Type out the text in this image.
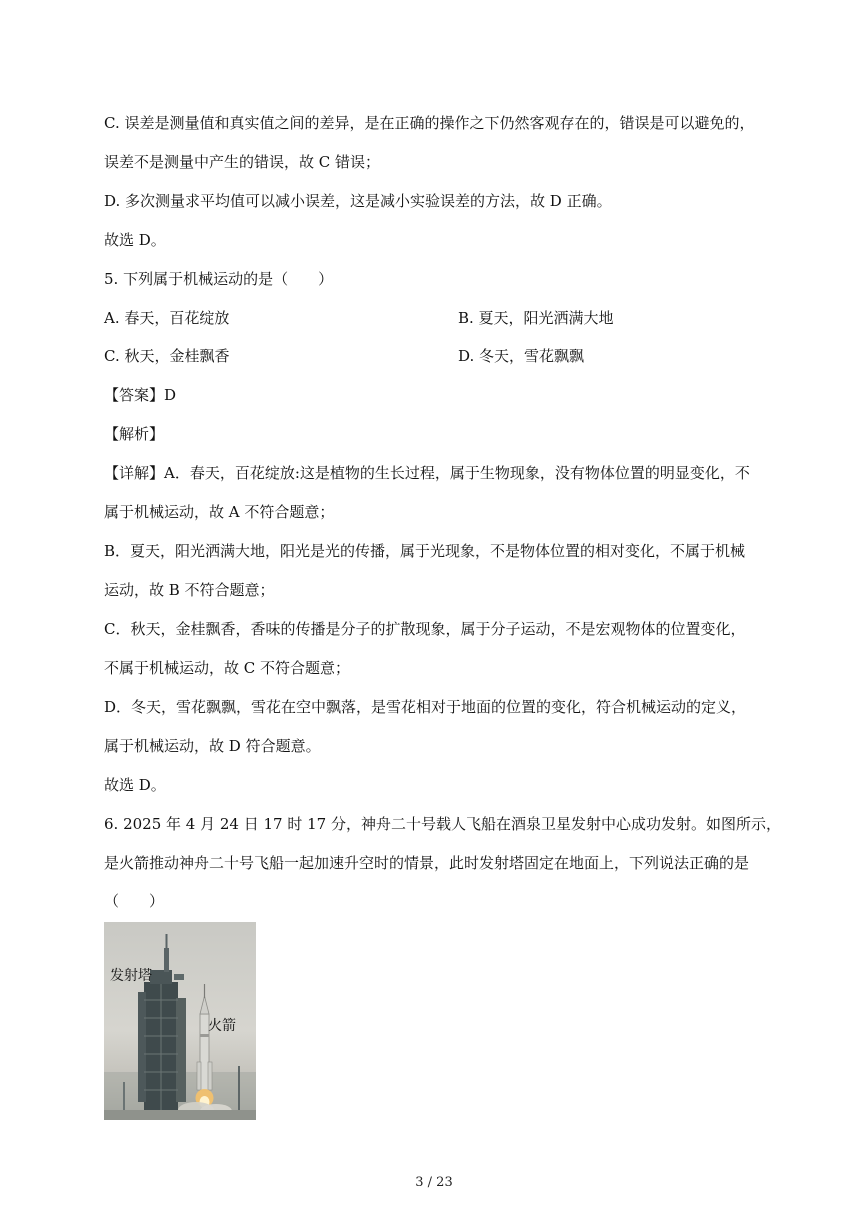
C. 误差是测量值和真实值之间的差异，是在正确的操作之下仍然客观存在的，错误是可以避免的，
误差不是测量中产生的错误，故 C 错误；
D. 多次测量求平均值可以减小误差，这是减小实验误差的方法，故 D 正确。
故选 D。
5. 下列属于机械运动的是（　　）
A. 春天，百花绽放	B. 夏天，阳光洒满大地
C. 秋天，金桂飘香	D. 冬天，雪花飘飘
【答案】D
【解析】
【详解】A．春天，百花绽放:这是植物的生长过程，属于生物现象，没有物体位置的明显变化，不
属于机械运动，故 A 不符合题意；
B．夏天，阳光洒满大地，阳光是光的传播，属于光现象，不是物体位置的相对变化，不属于机械
运动，故 B 不符合题意；
C．秋天，金桂飘香，香味的传播是分子的扩散现象，属于分子运动，不是宏观物体的位置变化，
不属于机械运动，故 C 不符合题意；
D．冬天，雪花飘飘，雪花在空中飘落，是雪花相对于地面的位置的变化，符合机械运动的定义，
属于机械运动，故 D 符合题意。
故选 D。
6. 2025 年 4 月 24 日 17 时 17 分，神舟二十号载人飞船在酒泉卫星发射中心成功发射。如图所示，
是火箭推动神舟二十号飞船一起加速升空时的情景，此时发射塔固定在地面上，下列说法正确的是
（　　）
发射塔
火箭
3 / 23
